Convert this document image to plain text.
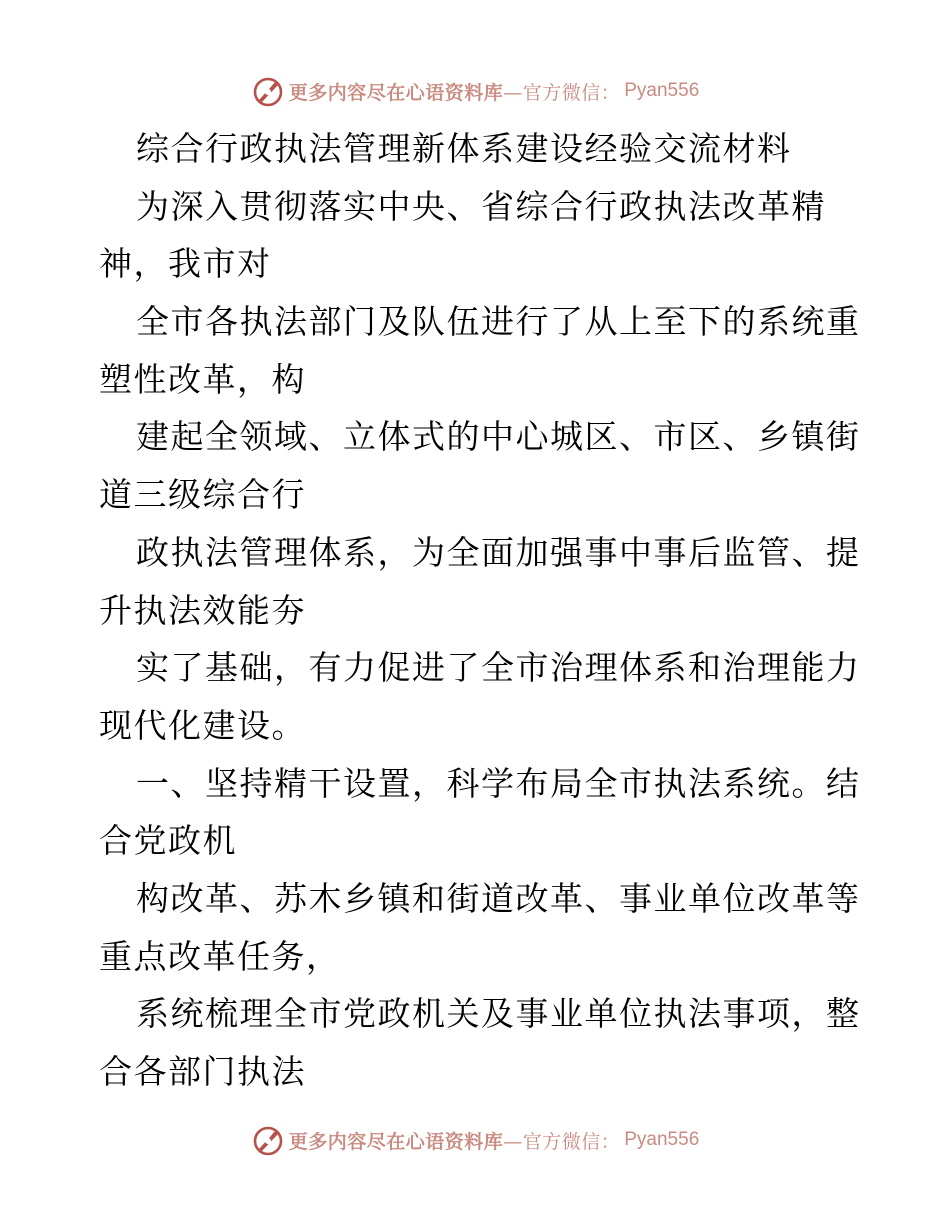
更多内容尽在心语资料库 —官方微信： Pyan556
综合行政执法管理新体系建设经验交流材料
为深入贯彻落实中央、省综合行政执法改革精
神，我市对
全市各执法部门及队伍进行了从上至下的系统重
塑性改革，构
建起全领域、立体式的中心城区、市区、乡镇街
道三级综合行
政执法管理体系，为全面加强事中事后监管、提
升执法效能夯
实了基础，有力促进了全市治理体系和治理能力
现代化建设。
一、坚持精干设置，科学布局全市执法系统。结
合党政机
构改革、苏木乡镇和街道改革、事业单位改革等
重点改革任务，
系统梳理全市党政机关及事业单位执法事项，整
合各部门执法
更多内容尽在心语资料库 —官方微信： Pyan556
